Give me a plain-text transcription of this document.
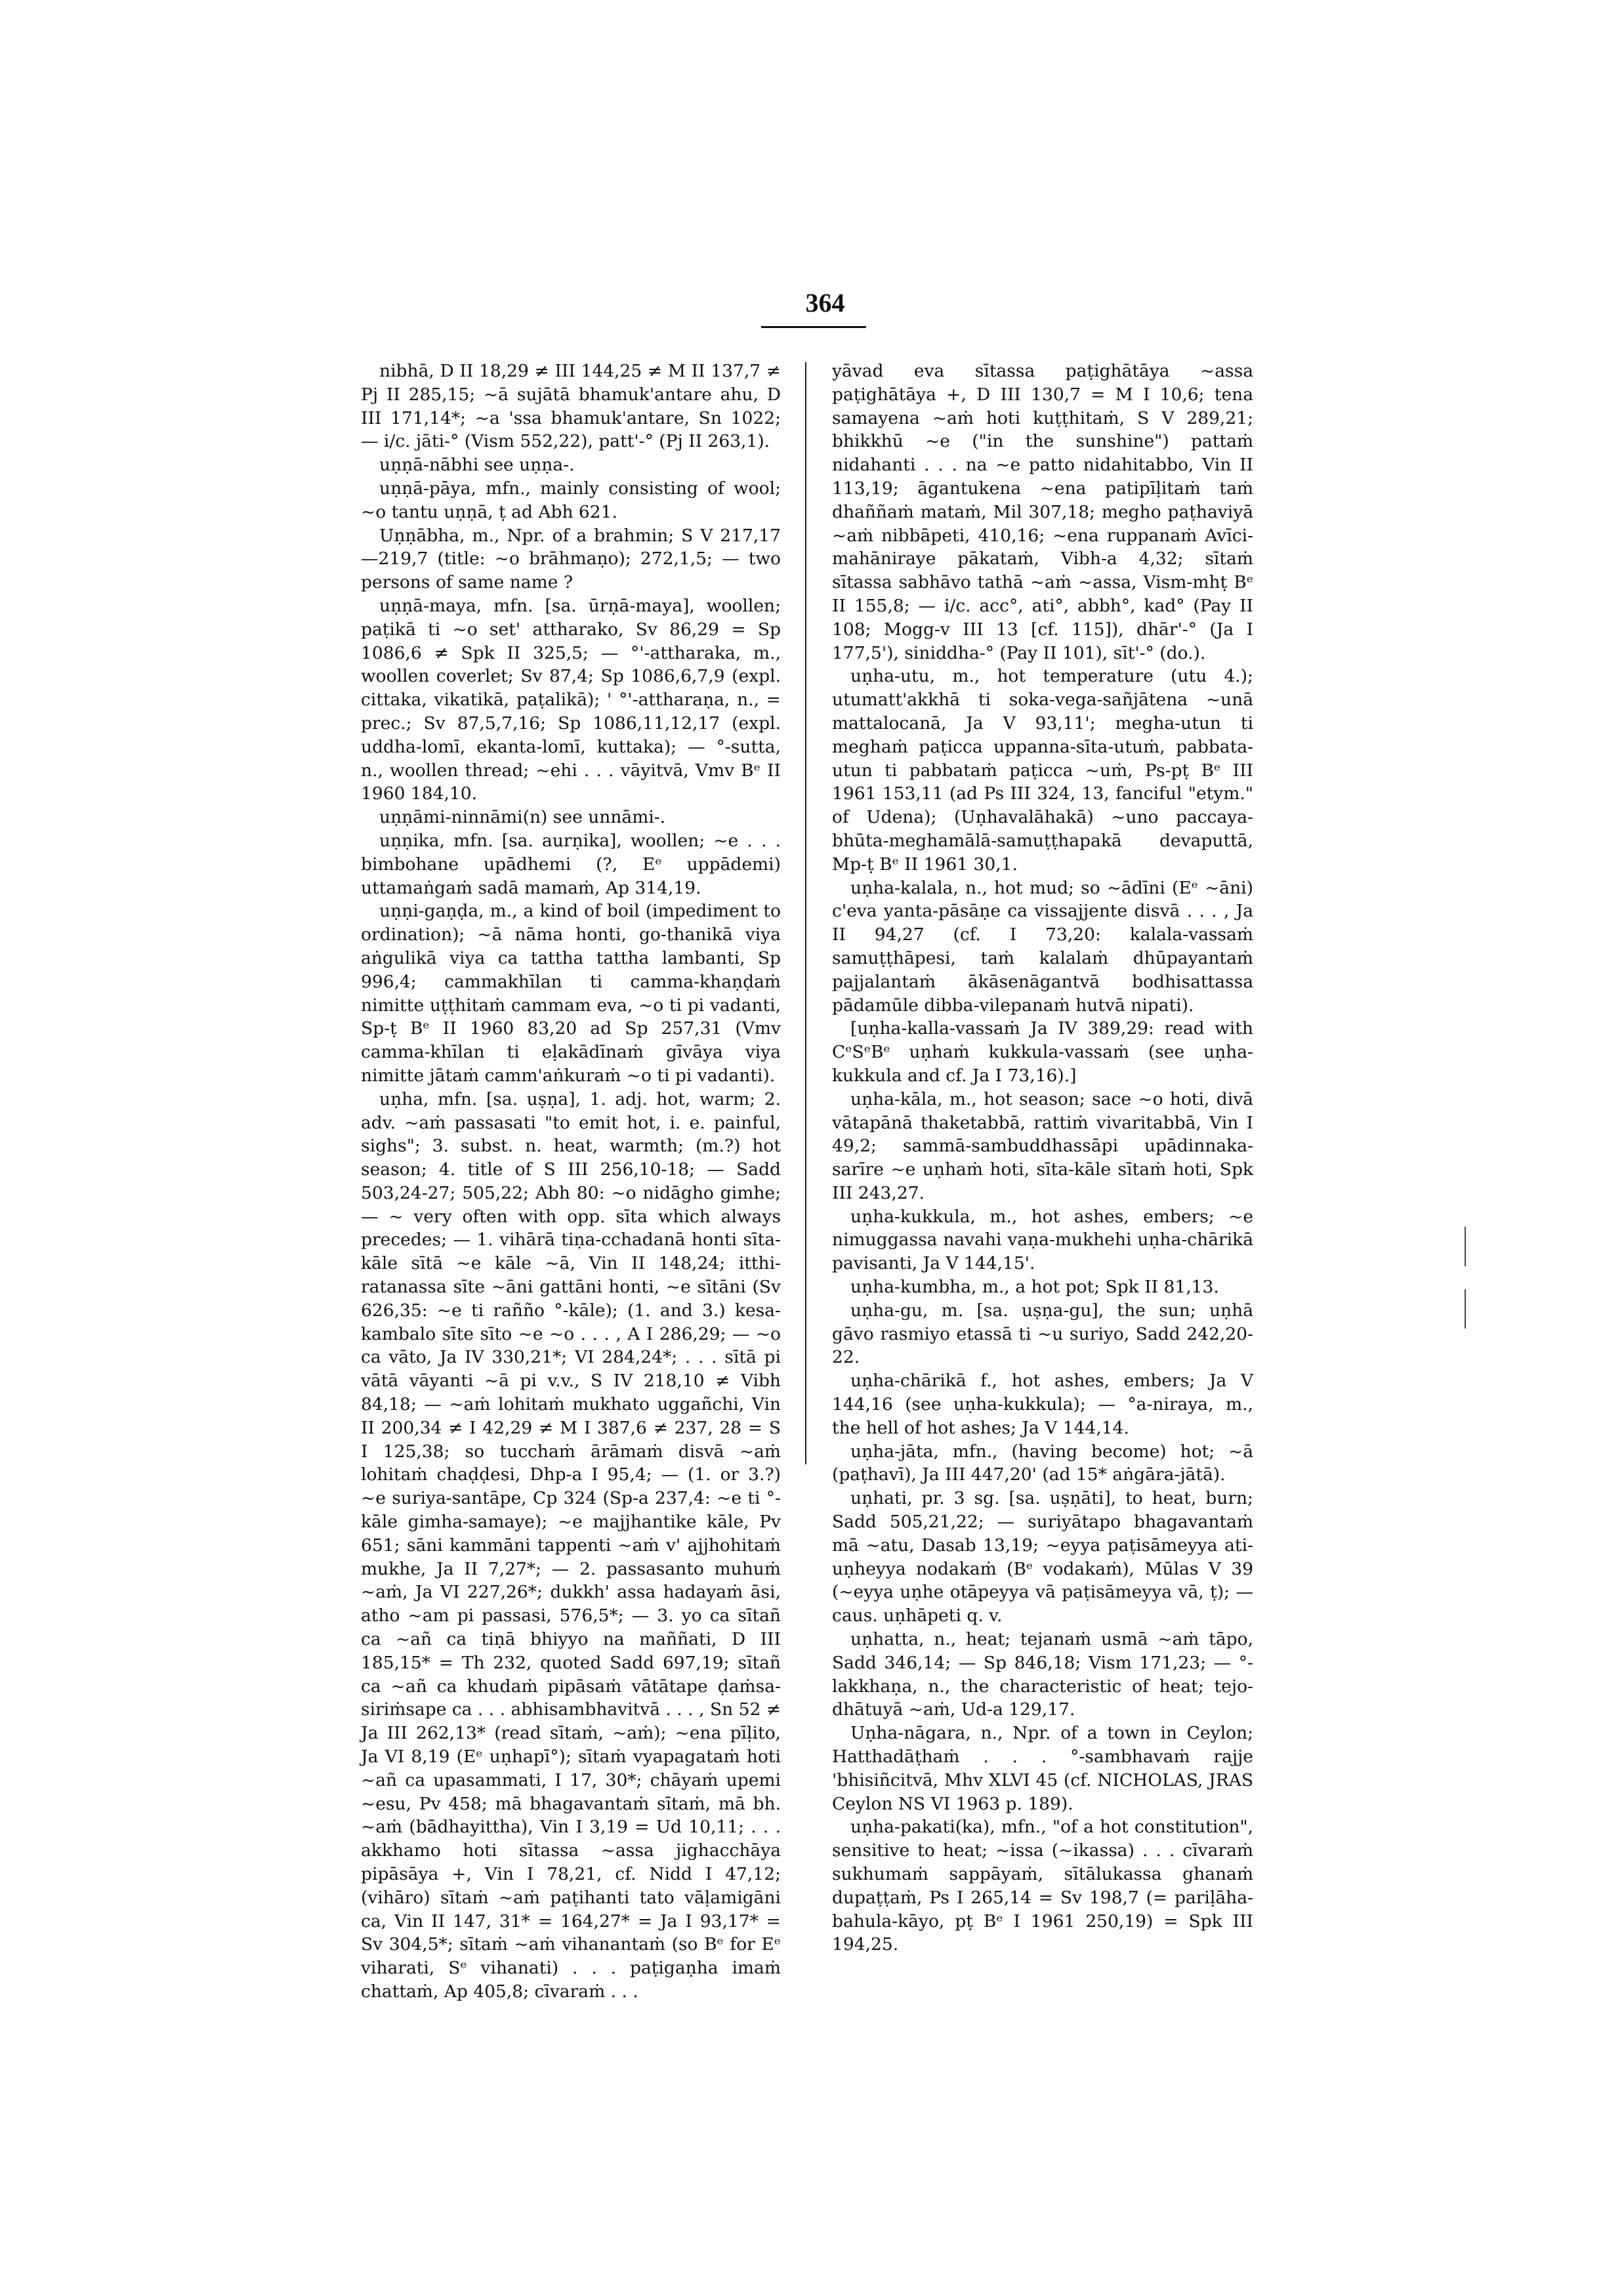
364

nibhā, D II 18,29 ≠ III 144,25 ≠ M II 137,7 ≠ Pj II 285,15; ~ā sujātā bhamuk'antare ahu, D III 171,14*; ~a 'ssa bhamuk'antare, Sn 1022; — i/c. jāti-° (Vism 552,22), patt'-° (Pj II 263,1).

uṇṇā-nābhi see uṇṇa-.

uṇṇā-pāya, mfn., mainly consisting of wool; ~o tantu uṇṇā, ṭ ad Abh 621.

Uṇṇābha, m., Npr. of a brahmin; S V 217,17—219,7 (title: ~o brāhmaṇo); 272,1,5; — two persons of same name ?

uṇṇā-maya, mfn. [sa. ūrṇā-maya], woollen; paṭikā ti ~o set' attharako, Sv 86,29 = Sp 1086,6 ≠ Spk II 325,5; — °'-attharaka, m., woollen coverlet; Sv 87,4; Sp 1086,6,7,9 (expl. cittaka, vikatikā, paṭalikā); ' °'-attharaṇa, n., = prec.; Sv 87,5,7,16; Sp 1086,11,12,17 (expl. uddha-lomī, ekanta-lomī, kuttaka); — °-sutta, n., woollen thread; ~ehi . . . vāyitvā, Vmv Bᵉ II 1960 184,10.

uṇṇāmi-ninnāmi(n) see unnāmi-.

uṇṇika, mfn. [sa. aurṇika], woollen; ~e . . . bimbohane upādhemi (?, Eᵉ uppādemi) uttamaṅgaṁ sadā mamaṁ, Ap 314,19.

uṇṇi-gaṇḍa, m., a kind of boil (impediment to ordination); ~ā nāma honti, go-thanikā viya aṅgulikā viya ca tattha tattha lambanti, Sp 996,4; cammakhīlan ti camma-khaṇḍaṁ nimitte uṭṭhitaṁ cammam eva, ~o ti pi vadanti, Sp-ṭ Bᵉ II 1960 83,20 ad Sp 257,31 (Vmv camma-khīlan ti eḷakādīnaṁ gīvāya viya nimitte jātaṁ camm'aṅkuraṁ ~o ti pi vadanti).

uṇha, mfn. [sa. uṣṇa], 1. adj. hot, warm; 2. adv. ~aṁ passasati "to emit hot, i. e. painful, sighs"; 3. subst. n. heat, warmth; (m.?) hot season; 4. title of S III 256,10-18; — Sadd 503,24-27; 505,22; Abh 80: ~o nidāgho gimhe; — ~ very often with opp. sīta which always precedes; — 1. vihārā tiṇa-cchadanā honti sīta-kāle sītā ~e kāle ~ā, Vin II 148,24; itthi-ratanassa sīte ~āni gattāni honti, ~e sītāni (Sv 626,35: ~e ti rañño °-kāle); (1. and 3.) kesa-kambalo sīte sīto ~e ~o . . . , A I 286,29; — ~o ca vāto, Ja IV 330,21*; VI 284,24*; . . . sītā pi vātā vāyanti ~ā pi v.v., S IV 218,10 ≠ Vibh 84,18; — ~aṁ lohitaṁ mukhato uggañchi, Vin II 200,34 ≠ I 42,29 ≠ M I 387,6 ≠ 237, 28 = S I 125,38; so tucchaṁ ārāmaṁ disvā ~aṁ lohitaṁ chaḍḍesi, Dhp-a I 95,4; — (1. or 3.?) ~e suriya-santāpe, Cp 324 (Sp-a 237,4: ~e ti °-kāle gimha-samaye); ~e majjhantike kāle, Pv 651; sāni kammāni tappenti ~aṁ v' ajjhohitaṁ mukhe, Ja II 7,27*; — 2. passasanto muhuṁ ~aṁ, Ja VI 227,26*; dukkh' assa hadayaṁ āsi, atho ~am pi passasi, 576,5*; — 3. yo ca sītañ ca ~añ ca tiṇā bhiyyo na maññati, D III 185,15* = Th 232, quoted Sadd 697,19; sītañ ca ~añ ca khudaṁ pipāsaṁ vātātape ḍaṁsa-siriṁsape ca . . . abhisambhavitvā . . . , Sn 52 ≠ Ja III 262,13* (read sītaṁ, ~aṁ); ~ena pīḷito, Ja VI 8,19 (Eᵉ uṇhapī°); sītaṁ vyapagataṁ hoti ~añ ca upasammati, I 17, 30*; chāyaṁ upemi ~esu, Pv 458; mā bhagavantaṁ sītaṁ, mā bh. ~aṁ (bādhayittha), Vin I 3,19 = Ud 10,11; . . . akkhamo hoti sītassa ~assa jighacchāya pipāsāya +, Vin I 78,21, cf. Nidd I 47,12; (vihāro) sītaṁ ~aṁ paṭihanti tato vāḷamigāni ca, Vin II 147, 31* = 164,27* = Ja I 93,17* = Sv 304,5*; sītaṁ ~aṁ vihanantaṁ (so Bᵉ for Eᵉ viharati, Sᵉ vihanati) . . . paṭigaṇha imaṁ chattaṁ, Ap 405,8; cīvaraṁ . . .

yāvad eva sītassa paṭighātāya ~assa paṭighātāya +, D III 130,7 = M I 10,6; tena samayena ~aṁ hoti kuṭṭhitaṁ, S V 289,21; bhikkhū ~e ("in the sunshine") pattaṁ nidahanti . . . na ~e patto nidahitabbo, Vin II 113,19; āgantukena ~ena patipīḷitaṁ taṁ dhaññaṁ mataṁ, Mil 307,18; megho paṭhaviyā ~aṁ nibbāpeti, 410,16; ~ena ruppanaṁ Avīci-mahāniraye pākataṁ, Vibh-a 4,32; sītaṁ sītassa sabhāvo tathā ~aṁ ~assa, Vism-mhṭ Bᵉ II 155,8; — i/c. acc°, ati°, abbh°, kad° (Pay II 108; Mogg-v III 13 [cf. 115]), dhār'-° (Ja I 177,5'), siniddha-° (Pay II 101), sīt'-° (do.).

uṇha-utu, m., hot temperature (utu 4.); utumatt'akkhā ti soka-vega-sañjātena ~unā mattalocanā, Ja V 93,11'; megha-utun ti meghaṁ paṭicca uppanna-sīta-utuṁ, pabbata-utun ti pabbataṁ paṭicca ~uṁ, Ps-pṭ Bᵉ III 1961 153,11 (ad Ps III 324, 13, fanciful "etym." of Udena); (Uṇhavalāhakā) ~uno paccaya-bhūta-meghamālā-samuṭṭhapakā devaputtā, Mp-ṭ Bᵉ II 1961 30,1.

uṇha-kalala, n., hot mud; so ~ādīni (Eᵉ ~āni) c'eva yanta-pāsāṇe ca vissajjente disvā . . . , Ja II 94,27 (cf. I 73,20: kalala-vassaṁ samuṭṭhāpesi, taṁ kalalaṁ dhūpayantaṁ pajjalantaṁ ākāsenāgantvā bodhisattassa pādamūle dibba-vilepanaṁ hutvā nipati).

[uṇha-kalla-vassaṁ Ja IV 389,29: read with CᵉSᵉBᵉ uṇhaṁ kukkula-vassaṁ (see uṇha-kukkula and cf. Ja I 73,16).]

uṇha-kāla, m., hot season; sace ~o hoti, divā vātapānā thaketabbā, rattiṁ vivaritabbā, Vin I 49,2; sammā-sambuddhassāpi upādinnaka-sarīre ~e uṇhaṁ hoti, sīta-kāle sītaṁ hoti, Spk III 243,27.

uṇha-kukkula, m., hot ashes, embers; ~e nimuggassa navahi vaṇa-mukhehi uṇha-chārikā pavisanti, Ja V 144,15'.

uṇha-kumbha, m., a hot pot; Spk II 81,13.

uṇha-gu, m. [sa. uṣṇa-gu], the sun; uṇhā gāvo rasmiyo etassā ti ~u suriyo, Sadd 242,20-22.

uṇha-chārikā f., hot ashes, embers; Ja V 144,16 (see uṇha-kukkula); — °a-niraya, m., the hell of hot ashes; Ja V 144,14.

uṇha-jāta, mfn., (having become) hot; ~ā (paṭhavī), Ja III 447,20' (ad 15* aṅgāra-jātā).

uṇhati, pr. 3 sg. [sa. uṣṇāti], to heat, burn; Sadd 505,21,22; — suriyātapo bhagavantaṁ mā ~atu, Dasab 13,19; ~eyya paṭisāmeyya ati-uṇheyya nodakaṁ (Bᵉ vodakaṁ), Mūlas V 39 (~eyya uṇhe otāpeyya vā paṭisāmeyya vā, ṭ); — caus. uṇhāpeti q. v.

uṇhatta, n., heat; tejanaṁ usmā ~aṁ tāpo, Sadd 346,14; — Sp 846,18; Vism 171,23; — °-lakkhaṇa, n., the characteristic of heat; tejo-dhātuyā ~aṁ, Ud-a 129,17.

Uṇha-nāgara, n., Npr. of a town in Ceylon; Hatthadāṭhaṁ . . . °-sambhavaṁ rajje 'bhisiñcitvā, Mhv XLVI 45 (cf. NICHOLAS, JRAS Ceylon NS VI 1963 p. 189).

uṇha-pakati(ka), mfn., "of a hot constitution", sensitive to heat; ~issa (~ikassa) . . . cīvaraṁ sukhumaṁ sappāyaṁ, sītālukassa ghanaṁ dupaṭṭaṁ, Ps I 265,14 = Sv 198,7 (= pariḷāha-bahula-kāyo, pṭ Bᵉ I 1961 250,19) = Spk III 194,25.
